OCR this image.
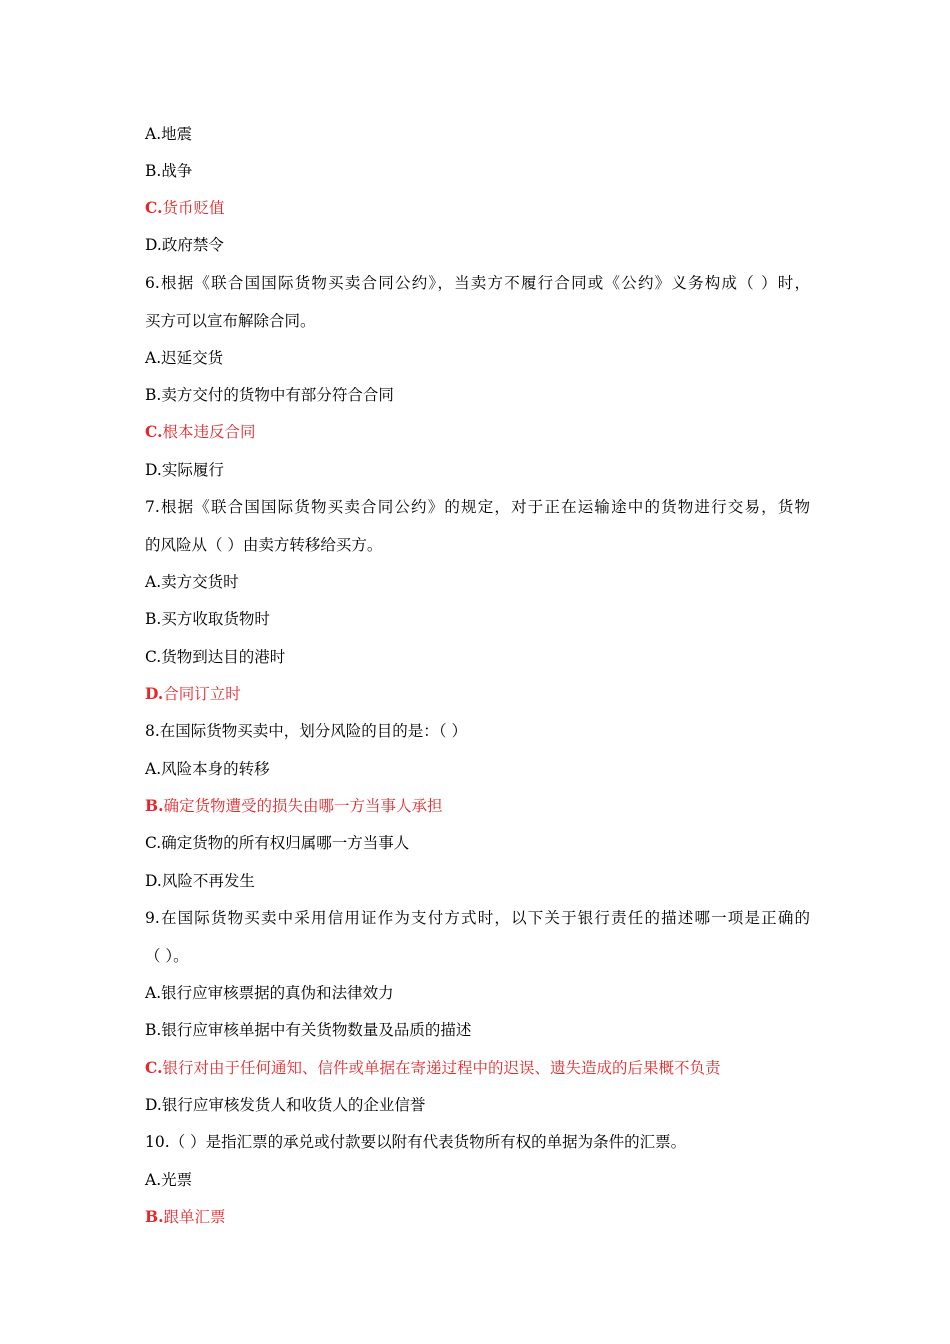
A.地震
B.战争
C.货币贬值
D.政府禁令
6.根据《联合国国际货物买卖合同公约》，当卖方不履行合同或《公约》义务构成（ ）时，
买方可以宣布解除合同。
A.迟延交货
B.卖方交付的货物中有部分符合合同
C.根本违反合同
D.实际履行
7.根据《联合国国际货物买卖合同公约》的规定，对于正在运输途中的货物进行交易，货物
的风险从（ ）由卖方转移给买方。
A.卖方交货时
B.买方收取货物时
C.货物到达目的港时
D.合同订立时
8.在国际货物买卖中，划分风险的目的是：（ ）
A.风险本身的转移
B.确定货物遭受的损失由哪一方当事人承担
C.确定货物的所有权归属哪一方当事人
D.风险不再发生
9.在国际货物买卖中采用信用证作为支付方式时，以下关于银行责任的描述哪一项是正确的
（ ）。
A.银行应审核票据的真伪和法律效力
B.银行应审核单据中有关货物数量及品质的描述
C.银行对由于任何通知、信件或单据在寄递过程中的迟误、遗失造成的后果概不负责
D.银行应审核发货人和收货人的企业信誉
10.（ ）是指汇票的承兑或付款要以附有代表货物所有权的单据为条件的汇票。
A.光票
B.跟单汇票
